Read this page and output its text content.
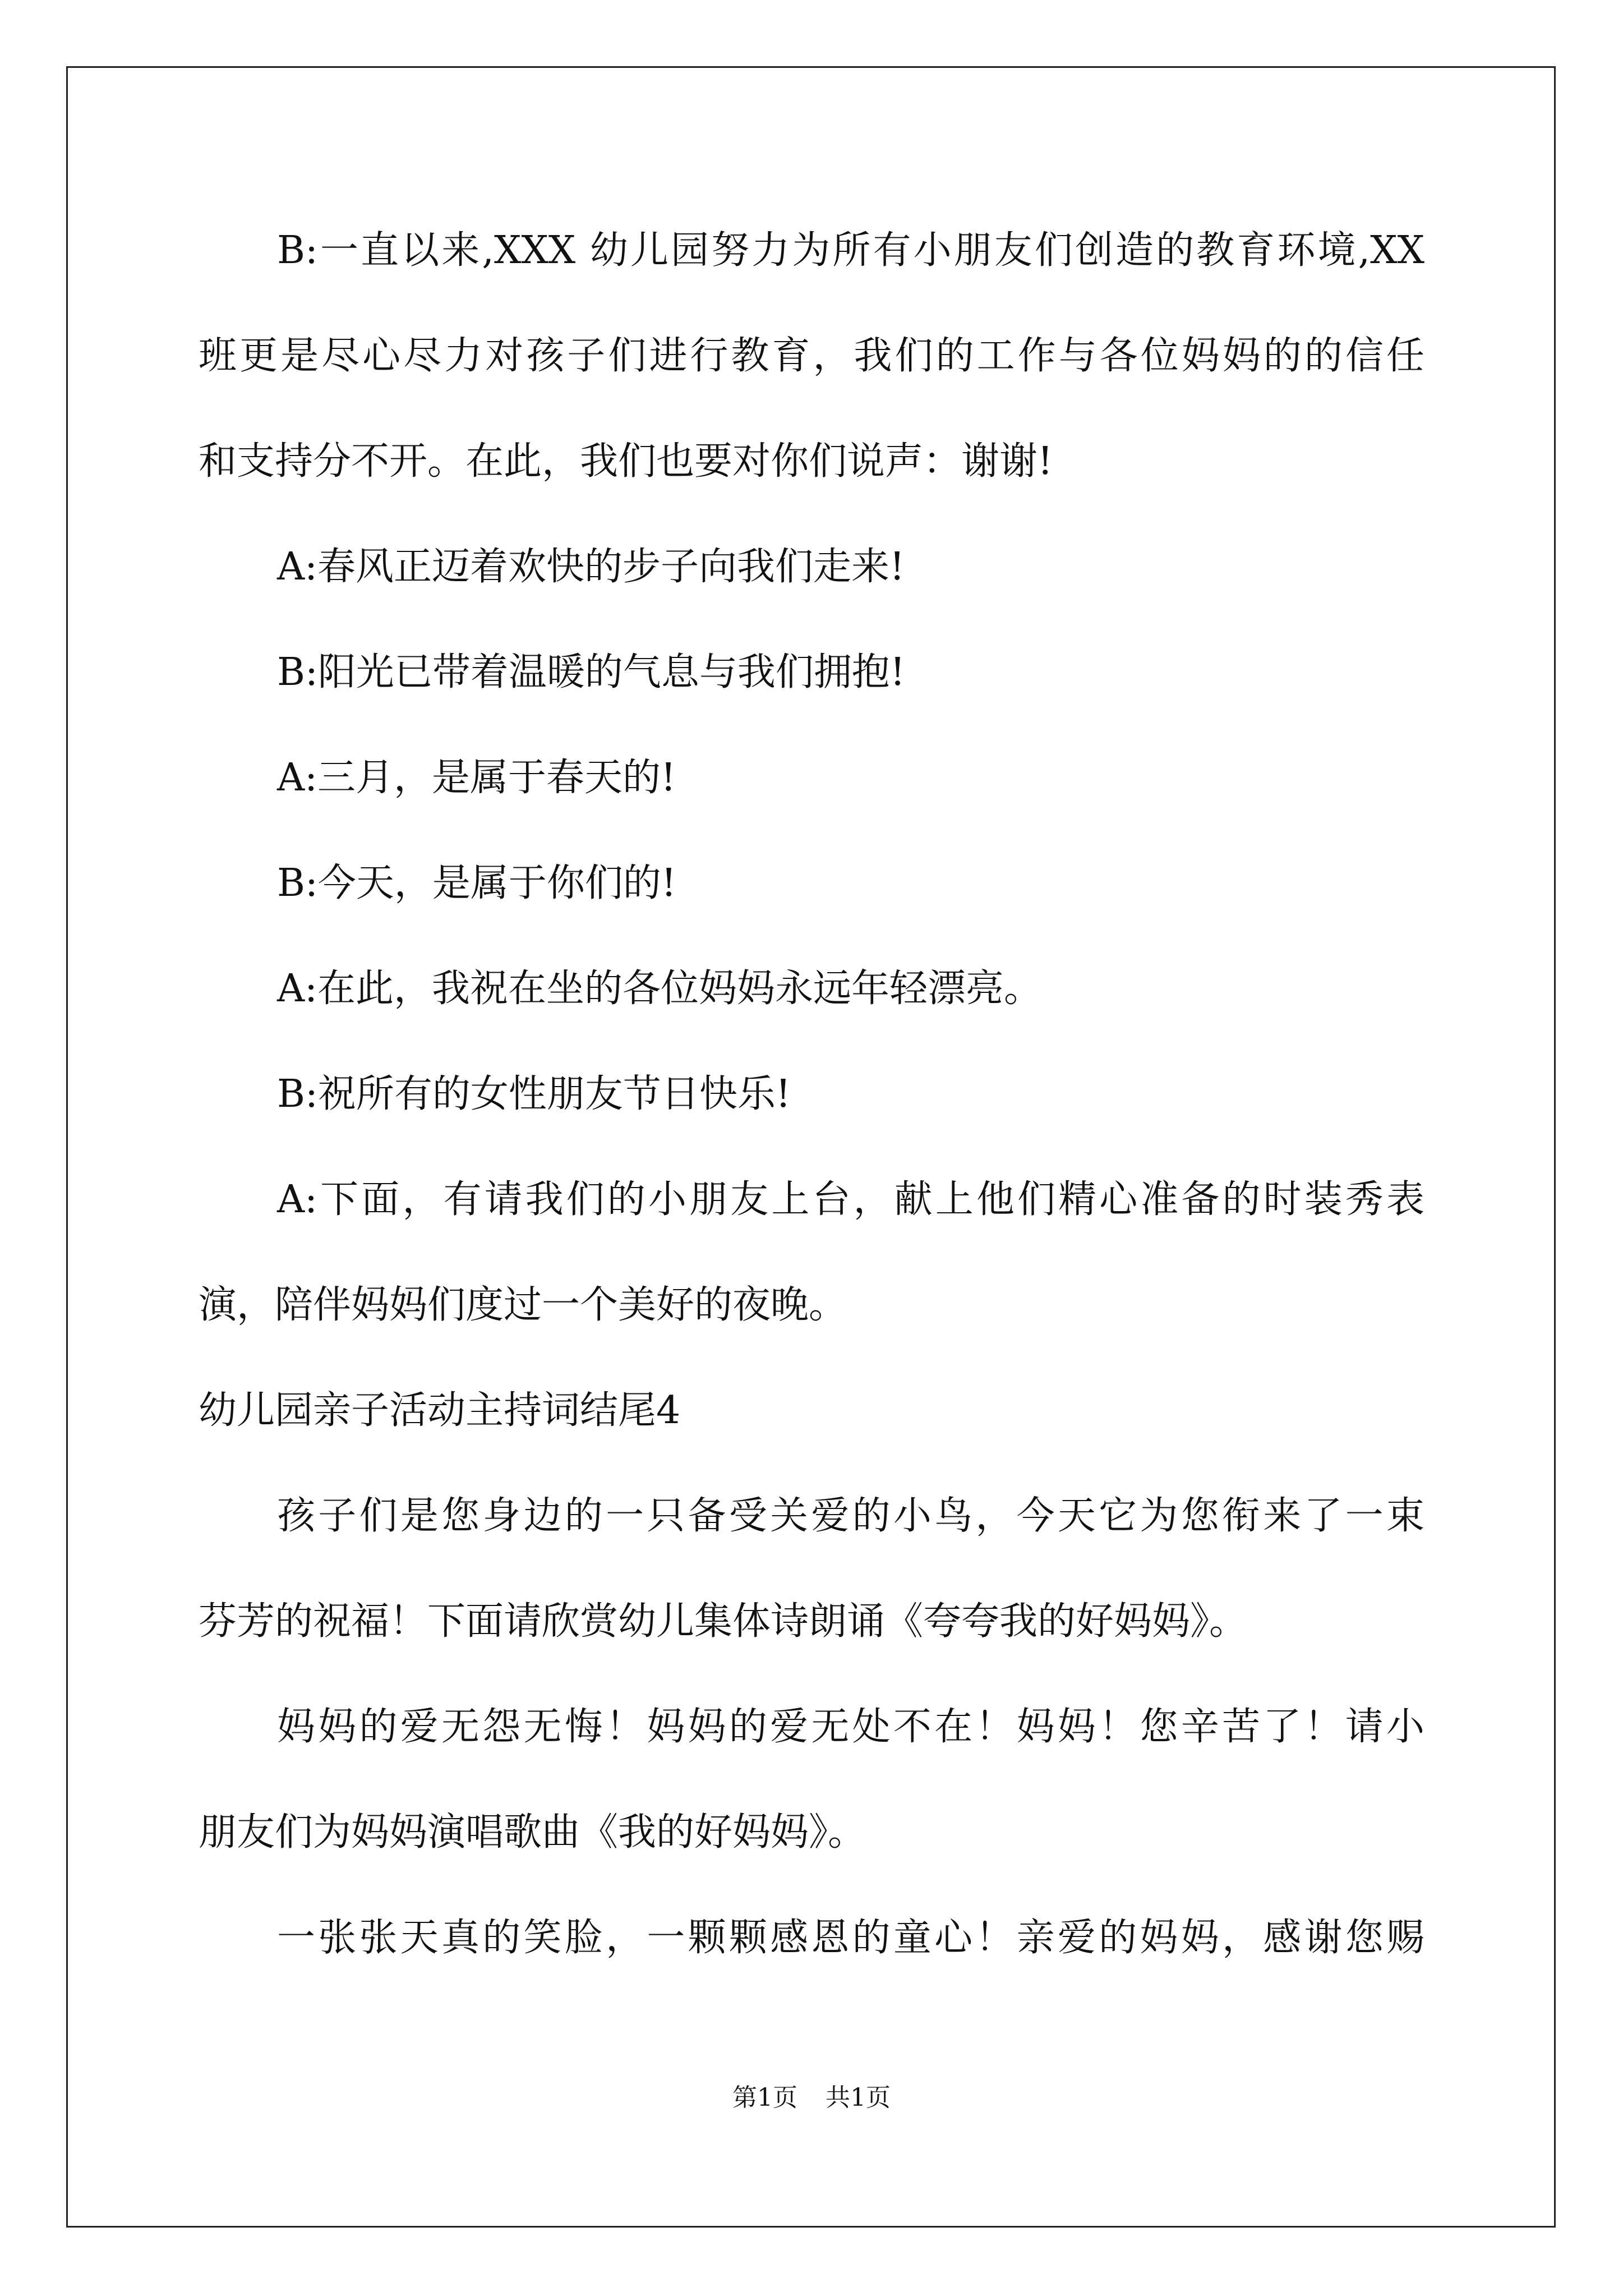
B:一直以来,XXX 幼儿园努力为所有小朋友们创造的教育环境,XX
班更是尽心尽力对孩子们进行教育，我们的工作与各位妈妈的的信任
和支持分不开。在此，我们也要对你们说声：谢谢!
A:春风正迈着欢快的步子向我们走来!
B:阳光已带着温暖的气息与我们拥抱!
A:三月，是属于春天的!
B:今天，是属于你们的!
A:在此，我祝在坐的各位妈妈永远年轻漂亮。
B:祝所有的女性朋友节日快乐!
A:下面，有请我们的小朋友上台，献上他们精心准备的时装秀表
演，陪伴妈妈们度过一个美好的夜晚。
幼儿园亲子活动主持词结尾4
孩子们是您身边的一只备受关爱的小鸟，今天它为您衔来了一束
芬芳的祝福！下面请欣赏幼儿集体诗朗诵《夸夸我的好妈妈》。
妈妈的爱无怨无悔！妈妈的爱无处不在！妈妈！您辛苦了！请小
朋友们为妈妈演唱歌曲《我的好妈妈》。
一张张天真的笑脸，一颗颗感恩的童心！亲爱的妈妈，感谢您赐
第1页 共1页
